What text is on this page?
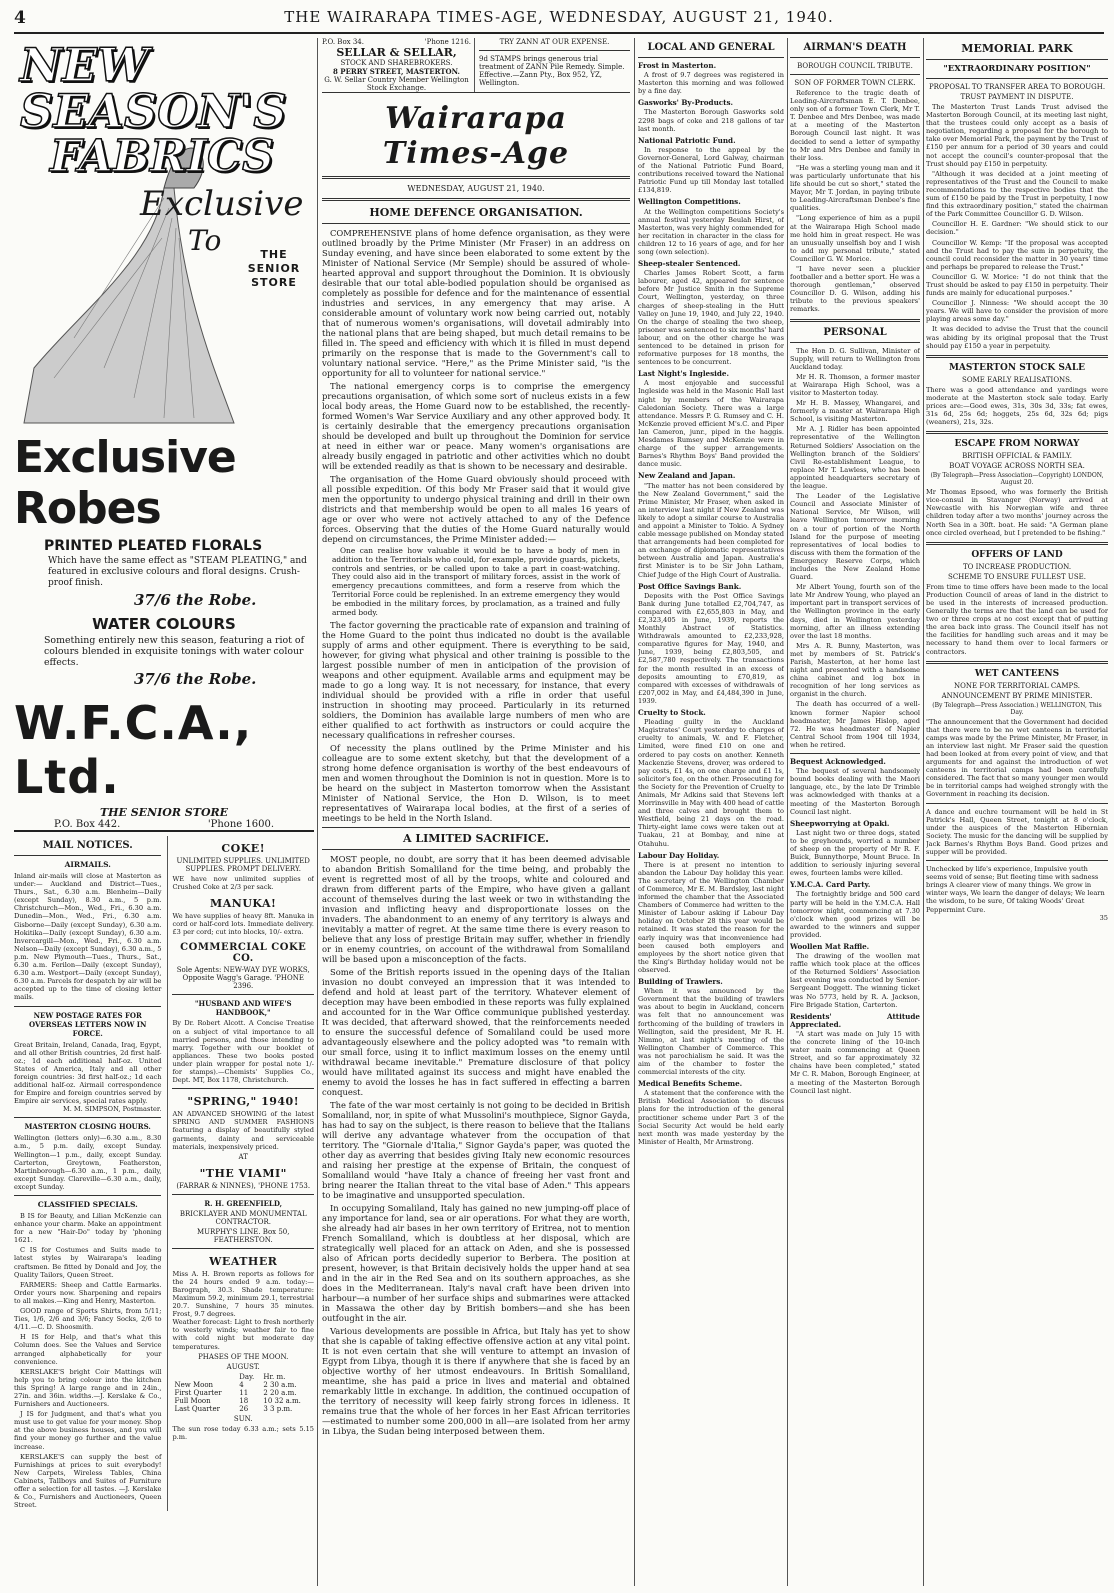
4	THE WAIRARAPA TIMES-AGE, WEDNESDAY, AUGUST 21, 1940.
NEW SEASON'S
FABRICS
Exclusive
To	THE SENIOR STORE
Exclusive Robes
PRINTED PLEATED FLORALS
Which have the same effect as "STEAM PLEATING," and featured in exclusive colours and floral designs. Crush-proof finish.
37/6 the Robe.
WATER COLOURS
Something entirely new this season, featuring a riot of colours blended in exquisite tonings with water colour effects.
37/6 the Robe.
W.F.C.A., Ltd.
THE SENIOR STORE
P.O. Box 442.	'Phone 1600.
MAIL NOTICES.
AIRMAILS.
Inland air-mails will close at Masterton as under:— Auckland and District—Tues., Thurs., Sat., 6.30 a.m. Blenheim—Daily (except Sunday), 8.30 a.m., 5 p.m. Christchurch—Mon., Wed., Fri., 6.30 a.m. Dunedin—Mon., Wed., Fri., 6.30 a.m. Gisborne—Daily (except Sunday), 6.30 a.m. Hokitika—Daily (except Sunday), 6.30 a.m. Invercargill—Mon., Wed., Fri., 6.30 a.m. Nelson—Daily (except Sunday), 6.30 a.m., 5 p.m. New Plymouth—Tues., Thurs., Sat., 6.30 a.m. Ferilon—Daily (except Sunday), 6.30 a.m. Westport—Daily (except Sunday), 6.30 a.m. Parcels for despatch by air will be accepted up to the time of closing letter mails.
NEW POSTAGE RATES FOR OVERSEAS LETTERS NOW IN FORCE.
Great Britain, Ireland, Canada, Iraq, Egypt, and all other British countries, 2d first half-oz.; 1d each additional half-oz. United States of America, Italy and all other foreign countries: 3d first half-oz.; 1d each additional half-oz. Airmail correspondence for Empire and foreign countries served by Empire air services, special rates apply.
M. M. SIMPSON, Postmaster.
MASTERTON CLOSING HOURS.
Wellington (letters only)—6.30 a.m., 8.30 a.m., 5 p.m. daily, except Sunday. Wellington—1 p.m., daily, except Sunday. Carterton, Greytown, Featherston, Martinborough—6.30 a.m., 1 p.m., daily, except Sunday. Clareville—6.30 a.m., daily, except Sunday.
CLASSIFIED SPECIALS.

B IS for Beauty, and Lilian McKenzie can enhance your charm. Make an appointment for a new "Hair-Do" today by 'phoning 1621.

C IS for Costumes and Suits made to latest styles by Wairarapa's leading craftsmen. Be fitted by Donald and Joy, the Quality Tailors, Queen Street.

FARMERS: Sheep and Cattle Earmarks. Order yours now. Sharpening and repairs to all makes.—King and Henry, Masterton.

GOOD range of Sports Shirts, from 5/11; Ties, 1/6, 2/6 and 3/6; Fancy Socks, 2/6 to 4/11.—C. D. Shoosmith.

H IS for Help, and that's what this Column does. See the Values and Service arranged alphabetically for your convenience.

KERSLAKE'S bright Coir Mattings will help you to bring colour into the kitchen this Spring! A large range and in 24in., 27in. and 36in. widths.—J. Kerslake & Co., Furnishers and Auctioneers.

J IS for Judgment, and that's what you must use to get value for your money. Shop at the above business houses, and you will find your money go further and the value increase.

KERSLAKE'S can supply the best of Furnishings at prices to suit everybody! New Carpets, Wireless Tables, China Cabinets, Tallboys and Suites of Furniture offer a selection for all tastes. —J. Kerslake & Co., Furnishers and Auctioneers, Queen Street.

COKE!
UNLIMITED SUPPLIES. UNLIMITED SUPPLIES. PROMPT DELIVERY.
WE have now unlimited supplies of Crushed Coke at 2/3 per sack.
MANUKA!
We have supplies of heavy 8ft. Manuka in cord or half-cord lots. Immediate delivery. £3 per cord; cut into blocks, 10/- extra.
COMMERCIAL COKE CO.
Sole Agents: NEW-WAY DYE WORKS, Opposite Wagg's Garage. 'PHONE 2396.
"HUSBAND AND WIFE'S HANDBOOK,"
By Dr. Robert Alcott. A Concise Treatise on a subject of vital importance to all married persons, and those intending to marry. Together with our booklet of appliances. These two books posted under plain wrapper for postal note 1/- for stamps).—Chemists' Supplies Co., Dept. MT, Box 1178, Christchurch.
"SPRING," 1940!
AN ADVANCED SHOWING of the latest SPRING AND SUMMER FASHIONS featuring a display of beautifully styled garments, dainty and serviceable materials, inexpensively priced.
AT
"THE VIAMI"
(FARRAR & NINNES), 'PHONE 1753.
R. H. GREENFIELD,
BRICKLAYER AND MONUMENTAL CONTRACTOR.
MURPHY'S LINE. Box 50, FEATHERSTON.
WEATHER
Miss A. H. Brown reports as follows for the 24 hours ended 9 a.m. today:—Barograph, 30.3. Shade temperature: Maximum 59.2, minimum 29.1, terrestrial 20.7. Sunshine, 7 hours 35 minutes. Frost, 9.7 degrees.
Weather forecast: Light to fresh northerly to westerly winds; weather fair to fine with cold night but moderate day temperatures.
PHASES OF THE MOON.
AUGUST.
	Day.	Hr. m.
New Moon	4	2 30 a.m.
First Quarter	11	2 20 a.m.
Full Moon	18	10 32 a.m.
Last Quarter	26	3 3 p.m.
SUN.
The sun rose today 6.33 a.m.; sets 5.15 p.m.
P.O. Box 34.	'Phone 1216.
SELLAR & SELLAR,
STOCK AND SHAREBROKERS.
8 PERRY STREET, MASTERTON.
G. W. Sellar Country Member Wellington Stock Exchange.
TRY ZANN AT OUR EXPENSE.
9d STAMPS brings generous trial treatment of ZANN Pile Remedy. Simple. Effective.—Zann Pty., Box 952, YZ, Wellington.
Wairarapa Times-Age
WEDNESDAY, AUGUST 21, 1940.
HOME DEFENCE ORGANISATION.

COMPREHENSIVE plans of home defence organisation, as they were outlined broadly by the Prime Minister (Mr Fraser) in an address on Sunday evening, and have since been elaborated to some extent by the Minister of National Service (Mr Semple) should be assured of whole-hearted approval and support throughout the Dominion. It is obviously desirable that our total able-bodied population should be organised as completely as possible for defence and for the maintenance of essential industries and services, in any emergency that may arise. A considerable amount of voluntary work now being carried out, notably that of numerous women's organisations, will dovetail admirably into the national plans that are being shaped, but much detail remains to be filled in. The speed and efficiency with which it is filled in must depend primarily on the response that is made to the Government's call to voluntary national service. "Here," as the Prime Minister said, "is the opportunity for all to volunteer for national service."

The national emergency corps is to comprise the emergency precautions organisation, of which some sort of nucleus exists in a few local body areas, the Home Guard now to be established, the recently-formed Women's War Service Auxiliary and any other approved body. It is certainly desirable that the emergency precautions organisation should be developed and built up throughout the Dominion for service at need in either war or peace. Many women's organisations are already busily engaged in patriotic and other activities which no doubt will be extended readily as that is shown to be necessary and desirable.

The organisation of the Home Guard obviously should proceed with all possible expedition. Of this body Mr Fraser said that it would give men the opportunity to undergo physical training and drill in their own districts and that membership would be open to all males 16 years of age or over who were not actively attached to any of the Defence forces. Observing that the duties of the Home Guard naturally would depend on circumstances, the Prime Minister added:—

One can realise how valuable it would be to have a body of men in addition to the Territorials who could, for example, provide guards, pickets, controls and sentries, or be called upon to take a part in coast-watching. They could also aid in the transport of military forces, assist in the work of emergency precautions committees, and form a reserve from which the Territorial Force could be replenished. In an extreme emergency they would be embodied in the military forces, by proclamation, as a trained and fully armed body.

The factor governing the practicable rate of expansion and training of the Home Guard to the point thus indicated no doubt is the available supply of arms and other equipment. There is everything to be said, however, for giving what physical and other training is possible to the largest possible number of men in anticipation of the provision of weapons and other equipment. Available arms and equipment may be made to go a long way. It is not necessary, for instance, that every individual should be provided with a rifle in order that useful instruction in shooting may proceed. Particularly in its returned soldiers, the Dominion has available large numbers of men who are either qualified to act forthwith as instructors or could acquire the necessary qualifications in refresher courses.

Of necessity the plans outlined by the Prime Minister and his colleague are to some extent sketchy, but that the development of a strong home defence organisation is worthy of the best endeavours of men and women throughout the Dominion is not in question. More is to be heard on the subject in Masterton tomorrow when the Assistant Minister of National Service, the Hon D. Wilson, is to meet representatives of Wairarapa local bodies, at the first of a series of meetings to be held in the North Island.

A LIMITED SACRIFICE.

MOST people, no doubt, are sorry that it has been deemed advisable to abandon British Somaliland for the time being, and probably the event is regretted most of all by the troops, white and coloured and drawn from different parts of the Empire, who have given a gallant account of themselves during the last week or two in withstanding the invasion and inflicting heavy and disproportionate losses on the invaders. The abandonment to an enemy of any territory is always and inevitably a matter of regret. At the same time there is every reason to believe that any loss of prestige Britain may suffer, whether in friendly or in enemy countries, on account of the withdrawal from Somaliland will be based upon a misconception of the facts.

Some of the British reports issued in the opening days of the Italian invasion no doubt conveyed an impression that it was intended to defend and hold at least part of the territory. Whatever element of deception may have been embodied in these reports was fully explained and accounted for in the War Office communique published yesterday. It was decided, that afterward showed, that the reinforcements needed to ensure the successful defence of Somaliland could be used more advantageously elsewhere and the policy adopted was "to remain with our small force, using it to inflict maximum losses on the enemy until withdrawal became inevitable." Premature disclosure of that policy would have militated against its success and might have enabled the enemy to avoid the losses he has in fact suffered in effecting a barren conquest.

The fate of the war most certainly is not going to be decided in British Somaliland, nor, in spite of what Mussolini's mouthpiece, Signor Gayda, has had to say on the subject, is there reason to believe that the Italians will derive any advantage whatever from the occupation of that territory. The "Giornale d'Italia," Signor Gayda's paper, was quoted the other day as averring that besides giving Italy new economic resources and raising her prestige at the expense of Britain, the conquest of Somaliland would "have Italy a chance of freeing her vast front and bring nearer the Italian threat to the vital base of Aden." This appears to be imaginative and unsupported speculation.

In occupying Somaliland, Italy has gained no new jumping-off place of any importance for land, sea or air operations. For what they are worth, she already had air bases in her own territory of Eritrea, not to mention French Somaliland, which is doubtless at her disposal, which are strategically well placed for an attack on Aden, and she is possessed also of African ports decidedly superior to Berbera. The position at present, however, is that Britain decisively holds the upper hand at sea and in the air in the Red Sea and on its southern approaches, as she does in the Mediterranean. Italy's naval craft have been driven into harbour—a number of her surface ships and submarines were attacked in Massawa the other day by British bombers—and she has been outfought in the air.

Various developments are possible in Africa, but Italy has yet to show that she is capable of taking effective offensive action at any vital point. It is not even certain that she will venture to attempt an invasion of Egypt from Libya, though it is there if anywhere that she is faced by an objective worthy of her utmost endeavours. In British Somaliland, meantime, she has paid a price in lives and material and obtained remarkably little in exchange. In addition, the continued occupation of the territory of necessity will keep fairly strong forces in idleness. It remains true that the whole of her forces in her East African territories—estimated to number some 200,000 in all—are isolated from her army in Libya, the Sudan being interposed between them.

LOCAL AND GENERAL
Frost in Masterton.

A frost of 9.7 degrees was registered in Masterton this morning and was followed by a fine day.

Gasworks' By-Products.

The Masterton Borough Gasworks sold 2298 bags of coke and 218 gallons of tar last month.

National Patriotic Fund.

In response to the appeal by the Governor-General, Lord Galway, chairman of the National Patriotic Fund Board, contributions received toward the National Patriotic Fund up till Monday last totalled £134,819.

Wellington Competitions.

At the Wellington competitions Society's annual festival yesterday Beulah Hirst, of Masterton, was very highly commended for her recitation in character in the class for children 12 to 16 years of age, and for her song (own selection).

Sheep-stealer Sentenced.

Charles James Robert Scott, a farm labourer, aged 42, appeared for sentence before Mr Justice Smith in the Supreme Court, Wellington, yesterday, on three charges of sheep-stealing in the Hutt Valley on June 19, 1940, and July 22, 1940. On the charge of stealing the two sheep, prisoner was sentenced to six months' hard labour, and on the other charge he was sentenced to be detained in prison for reformative purposes for 18 months, the sentences to be concurrent.

Last Night's Ingleside.

A most enjoyable and successful Ingleside was held in the Masonic Hall last night by members of the Wairarapa Caledonian Society. There was a large attendance. Messrs P. G. Rumsey and C. H. McKenzie proved efficient M's.C. and Piper Ian Cameron, junr., piped in the haggis. Mesdames Rumsey and McKenzie were in charge of the supper arrangements. Barnes's Rhythm Boys' Band provided the dance music.

New Zealand and Japan.

"The matter has not been considered by the New Zealand Government," said the Prime Minister, Mr Fraser, when asked in an interview last night if New Zealand was likely to adopt a similar course to Australia and appoint a Minister to Tokio. A Sydney cable message published on Monday stated that arrangements had been completed for an exchange of diplomatic representatives between Australia and Japan. Australia's first Minister is to be Sir John Latham, Chief Judge of the High Court of Australia.

Post Office Savings Bank.

Deposits with the Post Office Savings Bank during June totalled £2,704,747, as compared with £2,655,803 in May, and £2,323,405 in June, 1939, reports the Monthly Abstract of Statistics. Withdrawals amounted to £2,233,928, comparative figures for May, 1940, and June, 1939, being £2,803,505, and £2,587,780 respectively. The transactions for the month resulted in an excess of deposits amounting to £70,819, as compared with excesses of withdrawals of £207,002 in May, and £4,484,390 in June, 1939.

Cruelty to Stock.

Pleading guilty in the Auckland Magistrates' Court yesterday to charges of cruelty to animals, W. and F. Fletcher, Limited, were fined £10 on one and ordered to pay costs on another. Kenneth Mackenzie Stevens, drover, was ordered to pay costs, £1 4s, on one charge and £1 1s, solicitor's fee, on the other. Prosecuting for the Society for the Prevention of Cruelty to Animals, Mr Adkins said that Stevens left Morrinsville in May with 400 head of cattle and three calves and brought them to Westfield, being 21 days on the road. Thirty-eight lame cows were taken out at Tuakau, 21 at Bombay, and nine at Otahuhu.

Labour Day Holiday.

There is at present no intention to abandon the Labour Day holiday this year. The secretary of the Wellington Chamber of Commerce, Mr E. M. Bardsley, last night informed the chamber that the Associated Chambers of Commerce had written to the Minister of Labour asking if Labour Day holiday on October 28 this year would be retained. It was stated the reason for the early inquiry was that inconvenience had been caused both employers and employees by the short notice given that the King's Birthday holiday would not be observed.

Building of Trawlers.

When it was announced by the Government that the building of trawlers was about to begin in Auckland, concern was felt that no announcement was forthcoming of the building of trawlers in Wellington, said the president, Mr R. H. Nimmo, at last night's meeting of the Wellington Chamber of Commerce. This was not parochialism he said. It was the aim of the chamber to foster the commercial interests of the city.

Medical Benefits Scheme.

A statement that the conference with the British Medical Association to discuss plans for the introduction of the general practitioner scheme under Part 3 of the Social Security Act would be held early next month was made yesterday by the Minister of Health, Mr Armstrong.

AIRMAN'S DEATH
BOROUGH COUNCIL TRIBUTE.
SON OF FORMER TOWN CLERK.

Reference to the tragic death of Leading-Aircraftsman E. T. Denbee, only son of a former Town Clerk, Mr T. T. Denbee and Mrs Denbee, was made at a meeting of the Masterton Borough Council last night. It was decided to send a letter of sympathy to Mr and Mrs Denbee and family in their loss.

"He was a sterling young man and it was particularly unfortunate that his life should be cut so short," stated the Mayor, Mr T. Jordan, in paying tribute to Leading-Aircraftsman Denbee's fine qualities.

"Long experience of him as a pupil at the Wairarapa High School made me hold him in great respect. He was an unusually unselfish boy and I wish to add my personal tribute," stated Councillor G. W. Morice.

"I have never seen a pluckier footballer and a better sport. He was a thorough gentleman," observed Councillor D. G. Wilson, adding his tribute to the previous speakers' remarks.

PERSONAL

The Hon D. G. Sullivan, Minister of Supply, will return to Wellington from Auckland today.

Mr H. R. Thomson, a former master at Wairarapa High School, was a visitor to Masterton today.

Mr H. B. Massey, Whangarei, and formerly a master at Wairarapa High School, is visiting Masterton.

Mr A. J. Ridler has been appointed representative of the Wellington Returned Soldiers' Association on the Wellington branch of the Soldiers' Civil Re-establishment League, to replace Mr T. Lawless, who has been appointed headquarters secretary of the league.

The Leader of the Legislative Council and Associate Minister of National Service, Mr Wilson, will leave Wellington tomorrow morning on a tour of portion of the North Island for the purpose of meeting representatives of local bodies to discuss with them the formation of the Emergency Reserve Corps, which includes the New Zealand Home Guard.

Mr Albert Young, fourth son of the late Mr Andrew Young, who played an important part in transport services of the Wellington province in the early days, died in Wellington yesterday morning, after an illness extending over the last 18 months.

Mrs A. R. Bunny, Masterton, was met by members of St. Patrick's Parish, Masterton, at her home last night and presented with a handsome china cabinet and log box in recognition of her long services as organist in the church.

The death has occurred of a well-known former Napier school headmaster, Mr James Hislop, aged 72. He was headmaster of Napier Central School from 1904 till 1934, when he retired.

Bequest Acknowledged.

The bequest of several handsomely bound books dealing with the Maori language, etc., by the late Dr Trimble was acknowledged with thanks at a meeting of the Masterton Borough Council last night.

Sheepworrying at Opaki.

Last night two or three dogs, stated to be greyhounds, worried a number of sheep on the property of Mr R. F. Buick, Bunnythorpe, Mount Bruce. In addition to seriously injuring several ewes, fourteen lambs were killed.

Y.M.C.A. Card Party.

The fortnightly bridge and 500 card party will be held in the Y.M.C.A. Hall tomorrow night, commencing at 7.30 o'clock when good prizes will be awarded to the winners and supper provided.

Woollen Mat Raffle.

The drawing of the woollen mat raffle which took place at the offices of the Returned Soldiers' Association last evening was conducted by Senior-Sergeant Doggett. The winning ticket was No 5773, held by R. A. Jackson, Fire Brigade Station, Carterton.

Residents' Attitude Appreciated.

"A start was made on July 15 with the concrete lining of the 10-inch water main commencing at Queen Street, and so far approximately 32 chains have been completed," stated Mr C. R. Mabon, Borough Engineer, at a meeting of the Masterton Borough Council last night.

MEMORIAL PARK
"EXTRAORDINARY POSITION"
PROPOSAL TO TRANSFER AREA TO BOROUGH.
TRUST PAYMENT IN DISPUTE.

The Masterton Trust Lands Trust advised the Masterton Borough Council, at its meeting last night, that the trustees could only accept as a basis of negotiation, regarding a proposal for the borough to take over Memorial Park, the payment by the Trust of £150 per annum for a period of 30 years and could not accept the council's counter-proposal that the Trust should pay £150 in perpetuity.

"Although it was decided at a joint meeting of representatives of the Trust and the Council to make recommendations to the respective bodies that the sum of £150 be paid by the Trust in perpetuity, I now find this extraordinary position," stated the chairman of the Park Committee Councillor G. D. Wilson.

Councillor H. E. Gardner: "We should stick to our decision."

Councillor W. Kemp: "If the proposal was accepted and the Trust had to pay the sum in perpetuity, the council could reconsider the matter in 30 years' time and perhaps be prepared to release the Trust."

Councillor G. W. Morice: "I do not think that the Trust should be asked to pay £150 in perpetuity. Their funds are mainly for educational purposes."

Councillor J. Ninness: "We should accept the 30 years. We will have to consider the provision of more playing areas some day."

It was decided to advise the Trust that the council was abiding by its original proposal that the Trust should pay £150 a year in perpetuity.

MASTERTON STOCK SALE
SOME EARLY REALISATIONS.
There was a good attendance and yardings were moderate at the Masterton stock sale today. Early prices are:—Good ewes, 31s, 30s 3d, 33s; fat ewes, 31s 6d, 25s 6d; hoggets, 25s 6d, 32s 6d; pigs (weaners), 21s, 32s.
ESCAPE FROM NORWAY
BRITISH OFFICIAL & FAMILY.
BOAT VOYAGE ACROSS NORTH SEA.
(By Telegraph—Press Association—Copyright) LONDON, August 20.
Mr Thomas Epsoed, who was formerly the British vice-consul in Stavanger (Norway) arrived at Newcastle with his Norwegian wife and three children today after a two months' journey across the North Sea in a 30ft. boat. He said: "A German plane once circled overhead, but I pretended to be fishing."
OFFERS OF LAND
TO INCREASE PRODUCTION.
SCHEME TO ENSURE FULLEST USE.
From time to time offers have been made to the local Production Council of areas of land in the district to be used in the interests of increased production. Generally the terms are that the land can be used for two or three crops at no cost except that of putting the area back into grass. The Council itself has not the facilities for handling such areas and it may be necessary to hand them over to local farmers or contractors.
WET CANTEENS
NONE FOR TERRITORIAL CAMPS.
ANNOUNCEMENT BY PRIME MINISTER.
(By Telegraph—Press Association.) WELLINGTON, This Day.
"The announcement that the Government had decided that there were to be no wet canteens in territorial camps was made by the Prime Minister, Mr Fraser, in an interview last night. Mr Fraser said the question had been looked at from every point of view, and that arguments for and against the introduction of wet canteens in territorial camps had been carefully considered. The fact that so many younger men would be in territorial camps had weighed strongly with the Government in reaching its decision.
A dance and euchre tournament will be held in St Patrick's Hall, Queen Street, tonight at 8 o'clock, under the auspices of the Masterton Hibernian Society. The music for the dancing will be supplied by Jack Barnes's Rhythm Boys Band. Good prizes and supper will be provided.
Unchecked by life's experience, Impulsive youth seems void of sense; But fleeting time with sadness brings A clearer view of many things. We grow in winter ways, We learn the danger of delays; We learn the wisdom, to be sure, Of taking Woods' Great Peppermint Cure.
35
